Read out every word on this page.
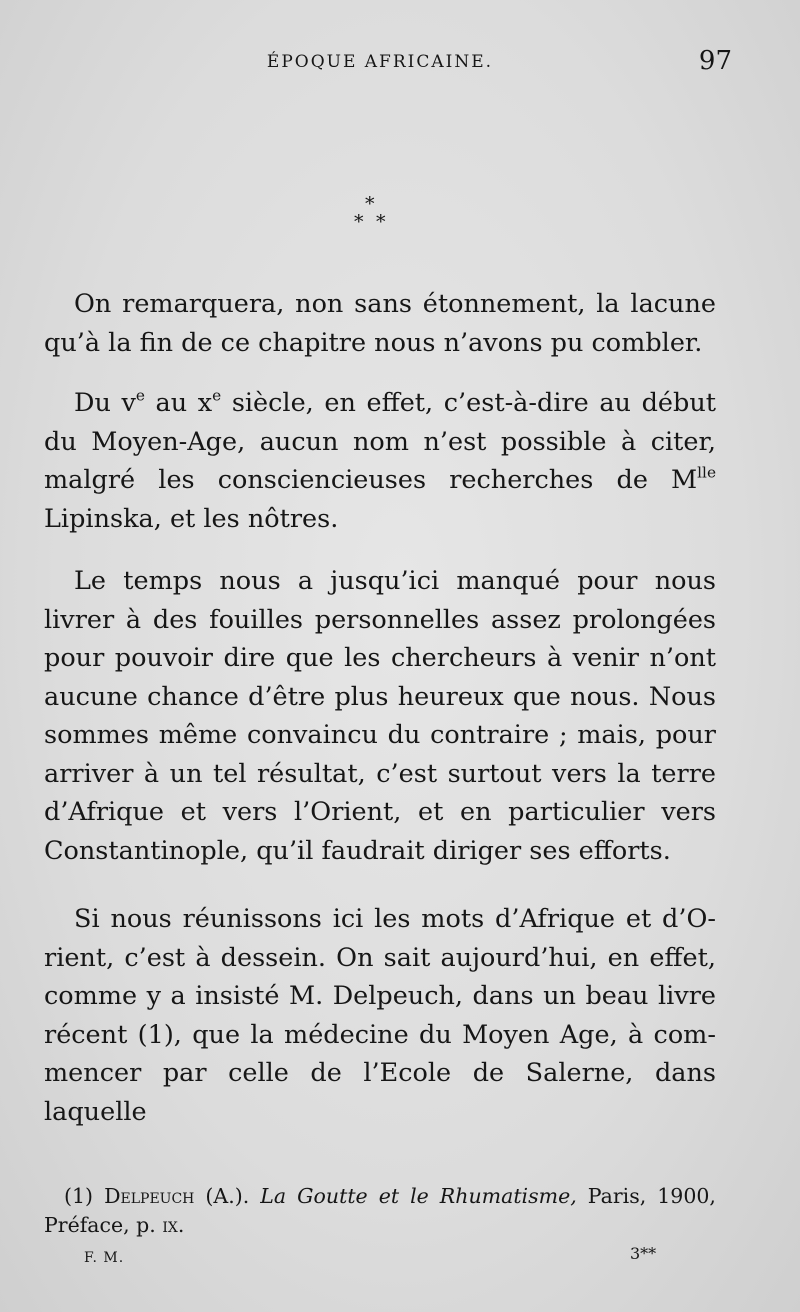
ÉPOQUE AFRICAINE.	97
*
* *

On remarquera, non sans étonnement, la lacune qu’à la fin de ce chapitre nous n’avons pu combler.

Du $v^e$ au $x^e$ siècle, en effet, c’est-à-dire au début du Moyen-Age, aucun nom n’est possible à citer, malgré les consciencieuses recherches de $M^{lle}$ Lipinska, et les nôtres.

Le temps nous a jusqu’ici manqué pour nous livrer à des fouilles personnelles assez prolongées pour pouvoir dire que les chercheurs à venir n’ont aucune chance d’être plus heureux que nous. Nous sommes même convaincu du contraire ; mais, pour arriver à un tel résultat, c’est surtout vers la terre d’Afrique et vers l’Orient, et en particulier vers Constantinople, qu’il faudrait diriger ses efforts.

Si nous réunissons ici les mots d’Afrique et d’Orient, c’est à dessein. On sait aujourd’hui, en effet, comme y a insisté M. Delpeuch, dans un beau livre récent (1), que la médecine du Moyen Age, à commencer par celle de l’Ecole de Salerne, dans laquelle

(1) Delpeuch (A.). La Goutte et le Rhumatisme, Paris, 1900, Préface, p. ix.
F. M.	3**
